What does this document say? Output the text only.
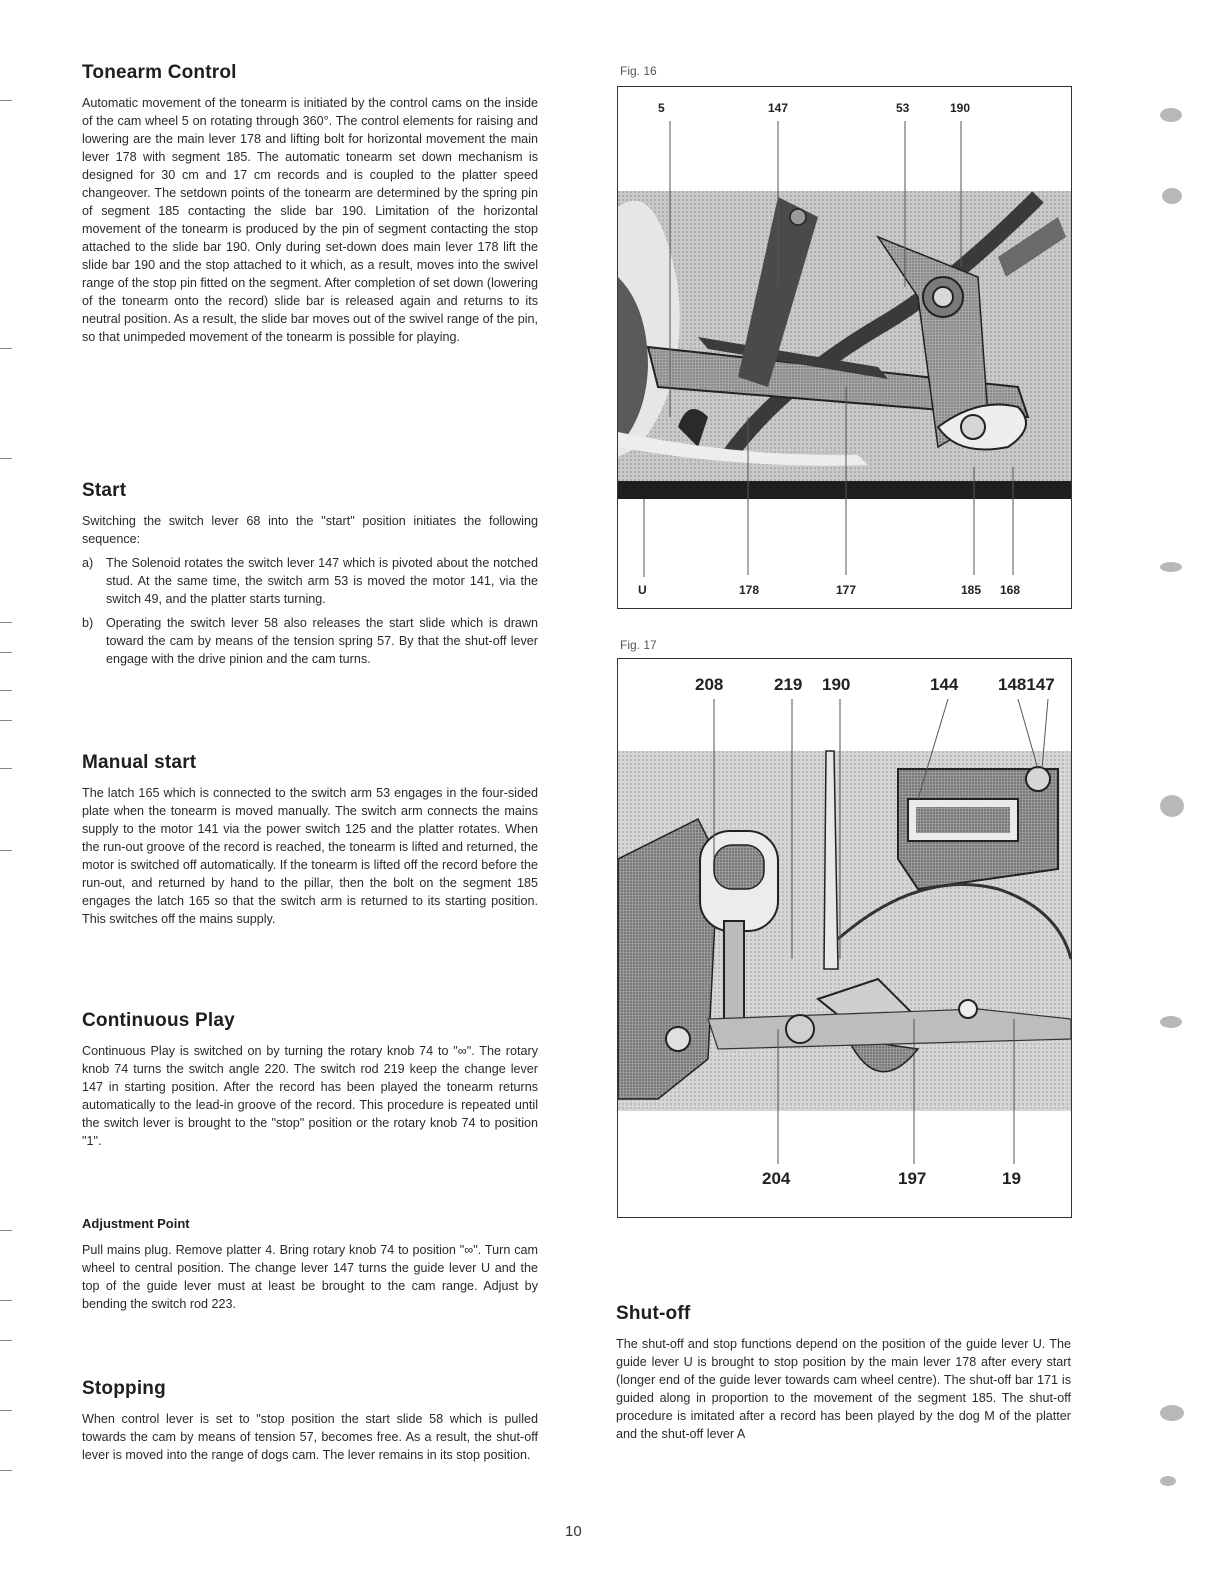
Tonearm Control

Automatic movement of the tonearm is initiated by the control cams on the inside of the cam wheel 5 on rotating through 360°. The control elements for raising and lowering are the main lever 178 and lifting bolt for horizontal movement the main lever 178 with segment 185. The automatic tonearm set down mechanism is designed for 30 cm and 17 cm records and is coupled to the platter speed changeover. The setdown points of the tonearm are determined by the spring pin of segment 185 contacting the slide bar 190. Limitation of the horizontal movement of the tonearm is produced by the pin of segment contacting the stop attached to the slide bar 190. Only during set-down does main lever 178 lift the slide bar 190 and the stop attached to it which, as a result, moves into the swivel range of the stop pin fitted on the segment. After completion of set down (lowering of the tonearm onto the record) slide bar is released again and returns to its neutral position. As a result, the slide bar moves out of the swivel range of the pin, so that unimpeded movement of the tonearm is possible for playing.

Start

Switching the switch lever 68 into the "start" position initiates the following sequence:

a)	The Solenoid rotates the switch lever 147 which is pivoted about the notched stud. At the same time, the switch arm 53 is moved the motor 141, via the switch 49, and the platter starts turning.
b)	Operating the switch lever 58 also releases the start slide which is drawn toward the cam by means of the tension spring 57. By that the shut-off lever engage with the drive pinion and the cam turns.
Manual start

The latch 165 which is connected to the switch arm 53 engages in the four-sided plate when the tonearm is moved manually. The switch arm connects the mains supply to the motor 141 via the power switch 125 and the platter rotates. When the run-out groove of the record is reached, the tonearm is lifted and returned, the motor is switched off automatically. If the tonearm is lifted off the record before the run-out, and returned by hand to the pillar, then the bolt on the segment 185 engages the latch 165 so that the switch arm is returned to its starting position. This switches off the mains supply.

Continuous Play

Continuous Play is switched on by turning the rotary knob 74 to "∞". The rotary knob 74 turns the switch angle 220. The switch rod 219 keep the change lever 147 in starting position. After the record has been played the tonearm returns automatically to the lead-in groove of the record. This procedure is repeated until the switch lever is brought to the "stop" position or the rotary knob 74 to position "1".

Adjustment Point

Pull mains plug. Remove platter 4. Bring rotary knob 74 to position "∞". Turn cam wheel to central position. The change lever 147 turns the guide lever U and the top of the guide lever must at least be brought to the cam range. Adjust by bending the switch rod 223.

Stopping

When control lever is set to "stop position the start slide 58 which is pulled towards the cam by means of tension 57, becomes free. As a result, the shut-off lever is moved into the range of dogs cam. The lever remains in its stop position.

Fig. 16
5	147	53	190
U	178	177	185 168
Fig. 17
208	219 190	144 148147
204	197	19
Shut-off

The shut-off and stop functions depend on the position of the guide lever U. The guide lever U is brought to stop position by the main lever 178 after every start (longer end of the guide lever towards cam wheel centre). The shut-off bar 171 is guided along in proportion to the movement of the segment 185. The shut-off procedure is imitated after a record has been played by the dog M of the platter and the shut-off lever A

10
